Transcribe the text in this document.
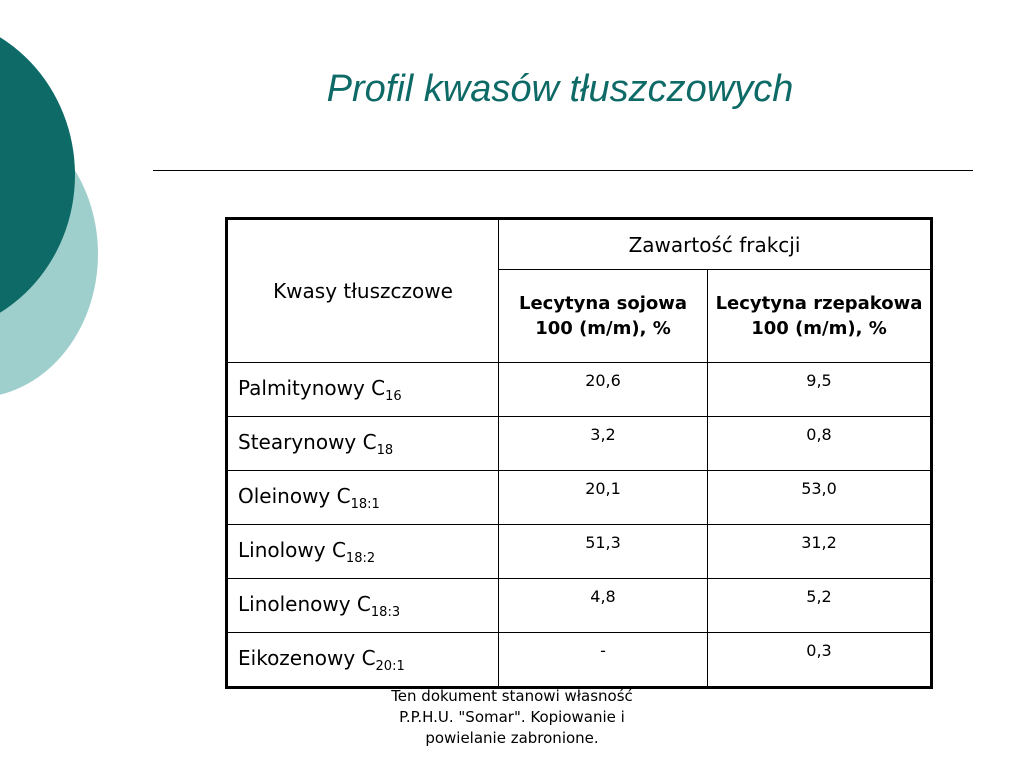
Profil kwasów tłuszczowych
Kwasy tłuszczowe	Zawartość frakcji	
	Lecytyna sojowa 100 (m/m), %	Lecytyna rzepakowa 100 (m/m), %
Palmitynowy $C_{16}$	20,6	9,5
Stearynowy $C_{18}$	3,2	0,8
Oleinowy $C_{18:1}$	20,1	53,0
Linolowy $C_{18:2}$	51,3	31,2
Linolenowy $C_{18:3}$	4,8	5,2
Eikozenowy $C_{20:1}$	-	0,3
Ten dokument stanowi własność P.P.H.U. "Somar". Kopiowanie i powielanie zabronione.
